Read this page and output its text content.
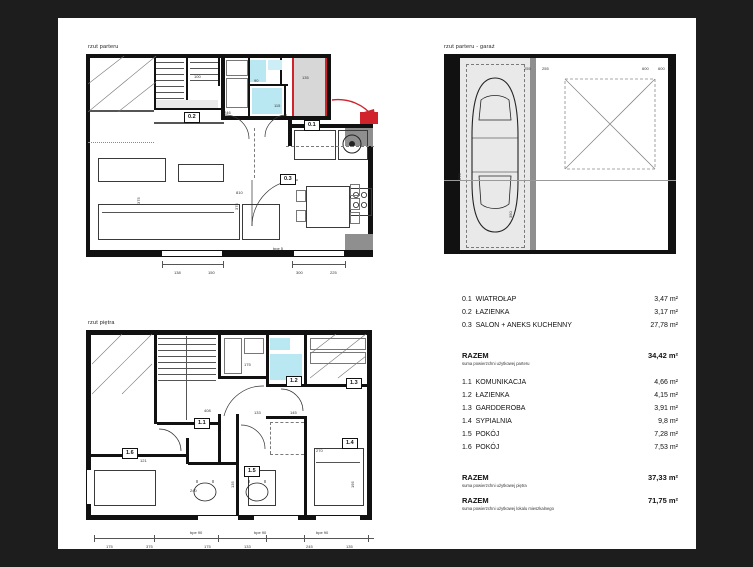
rzut parteru
0.2
0.1
0.3
246
100
90
115
135
810
bpe 5
375
375
138	150	300	225
rzut parteru - garaż
255	255	600 600
575
350
rzut piętra
1.1
1.2	1.3
1.4
1.5
1.6
408	133
175
145
270
121
240
195
135
bpe 90	bpe 90	bpe 90
175	375	175	133	245	135
0.1 WIATROŁAP	3,47 m²
0.2 ŁAZIENKA	3,17 m²
0.3 SALON + ANEKS KUCHENNY	27,78 m²
RAZEM	34,42 m²
suma powierzchni użytkowej parteru
1.1 KOMUNIKACJA	4,66 m²
1.2 ŁAZIENKA	4,15 m²
1.3 GARDDEROBA	3,91 m²
1.4 SYPIALNIA	9,8 m²
1.5 POKÓJ	7,28 m²
1.6 POKÓJ	7,53 m²
RAZEM	37,33 m²
suma powierzchni użytkowej piętra
RAZEM	71,75 m²
suma powierzchni użytkowej lokalu mieszkalnego
